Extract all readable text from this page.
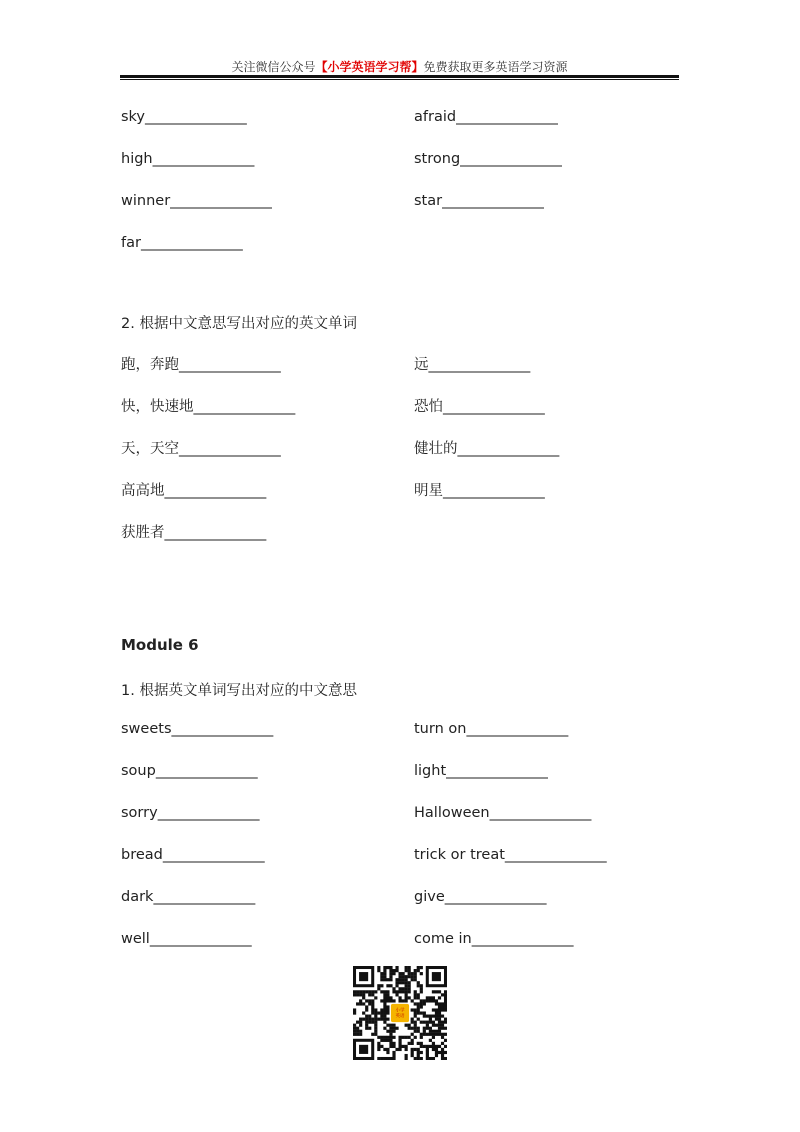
关注微信公众号【小学英语学习帮】免费获取更多英语学习资源
sky_______________
high_______________
winner_______________
far_______________
afraid_______________
strong_______________
star_______________
2. 根据中文意思写出对应的英文单词
跑，奔跑_______________
快，快速地_______________
天，天空_______________
高高地_______________
获胜者_______________
远_______________
恐怕_______________
健壮的_______________
明星_______________
Module 6
1. 根据英文单词写出对应的中文意思
sweets_______________
soup_______________
sorry_______________
bread_______________
dark_______________
well_______________
turn on_______________
light_______________
Halloween_______________
trick or treat_______________
give_______________
come in_______________
小学
英语
